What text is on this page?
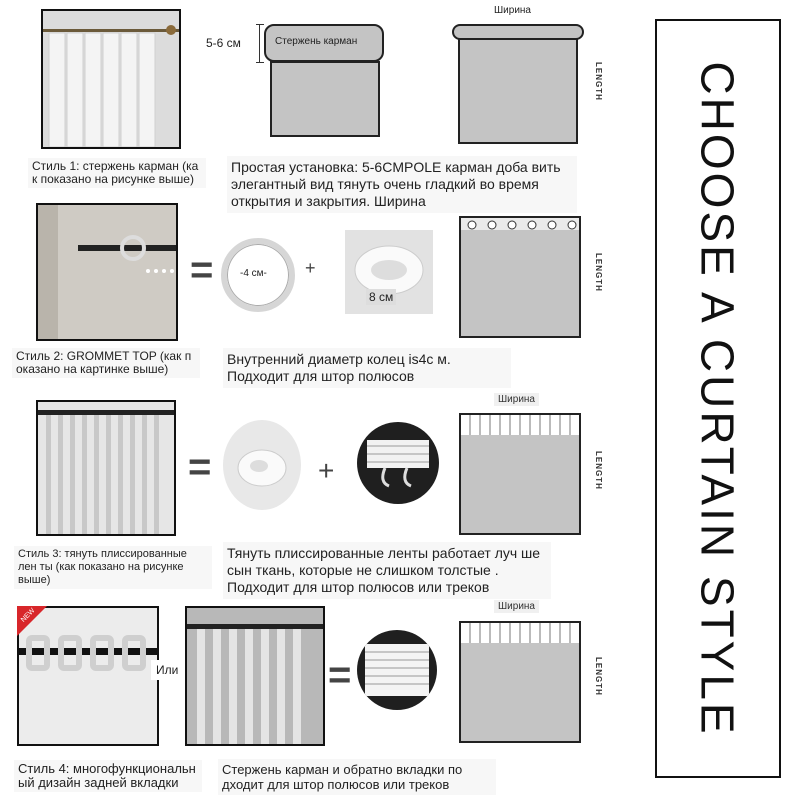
Стиль 1: стержень карман (ка к показано на рисунке выше)
5-6 см	Стержень карман
Ширина
LENGTH
Простая установка: 5-6CMPOLE карман доба вить элегантный вид тянуть очень гладкий во время открытия и закрытия. Ширина
=	-4 см- +
8 см
LENGTH
Стиль 2: GROMMET TOP (как п оказано на картинке выше)
Внутренний диаметр колец is4c м. Подходит для штор полюсов
=	+
Ширина
LENGTH
Стиль 3: тянуть плиссированные лен ты (как показано на рисунке выше)
Тянуть плиссированные ленты работает луч ше сын ткань, которые не слишком толстые . Подходит для штор полюсов или треков
NEW
Или	=
Ширина
LENGTH
Стиль 4: многофункциональн ый дизайн задней вкладки
Стержень карман и обратно вкладки по дходит для штор полюсов или треков
CHOOSE A CURTAIN STYLE
